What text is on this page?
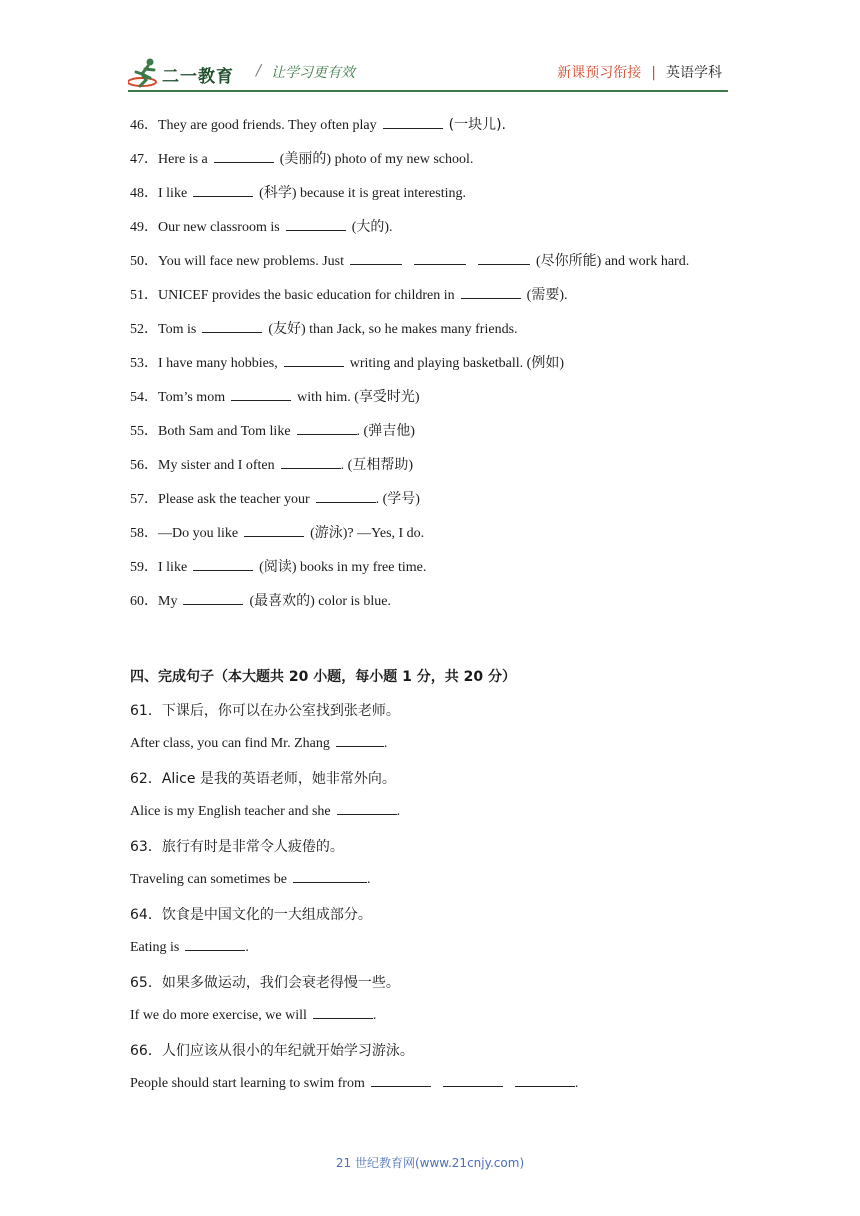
二一教育 / 让学习更有效	新课预习衔接 | 英语学科
46．They are good friends. They often play	(一块儿).
47．Here is a	(美丽的) photo of my new school.
48．I like	(科学) because it is great interesting.
49．Our new classroom is	(大的).
50．You will face new problems. Just	(尽你所能) and work hard.
51．UNICEF provides the basic education for children in	(需要).
52．Tom is	(友好) than Jack, so he makes many friends.
53．I have many hobbies,	writing and playing basketball. (例如)
54．Tom’s mom	with him. (享受时光)
55．Both Sam and Tom like	. (弹吉他)
56．My sister and I often	. (互相帮助)
57．Please ask the teacher your	. (学号)
58．—Do you like	(游泳)? —Yes, I do.
59．I like	(阅读) books in my free time.
60．My	(最喜欢的) color is blue.
四、完成句子（本大题共 20 小题，每小题 1 分，共 20 分）
61．下课后，你可以在办公室找到张老师。
After class, you can find Mr. Zhang	.
62．Alice 是我的英语老师，她非常外向。
Alice is my English teacher and she	.
63．旅行有时是非常令人疲倦的。
Traveling can sometimes be	.
64．饮食是中国文化的一大组成部分。
Eating is	.
65．如果多做运动，我们会衰老得慢一些。
If we do more exercise, we will	.
66．人们应该从很小的年纪就开始学习游泳。
People should start learning to swim from	.
21 世纪教育网(www.21cnjy.com)
